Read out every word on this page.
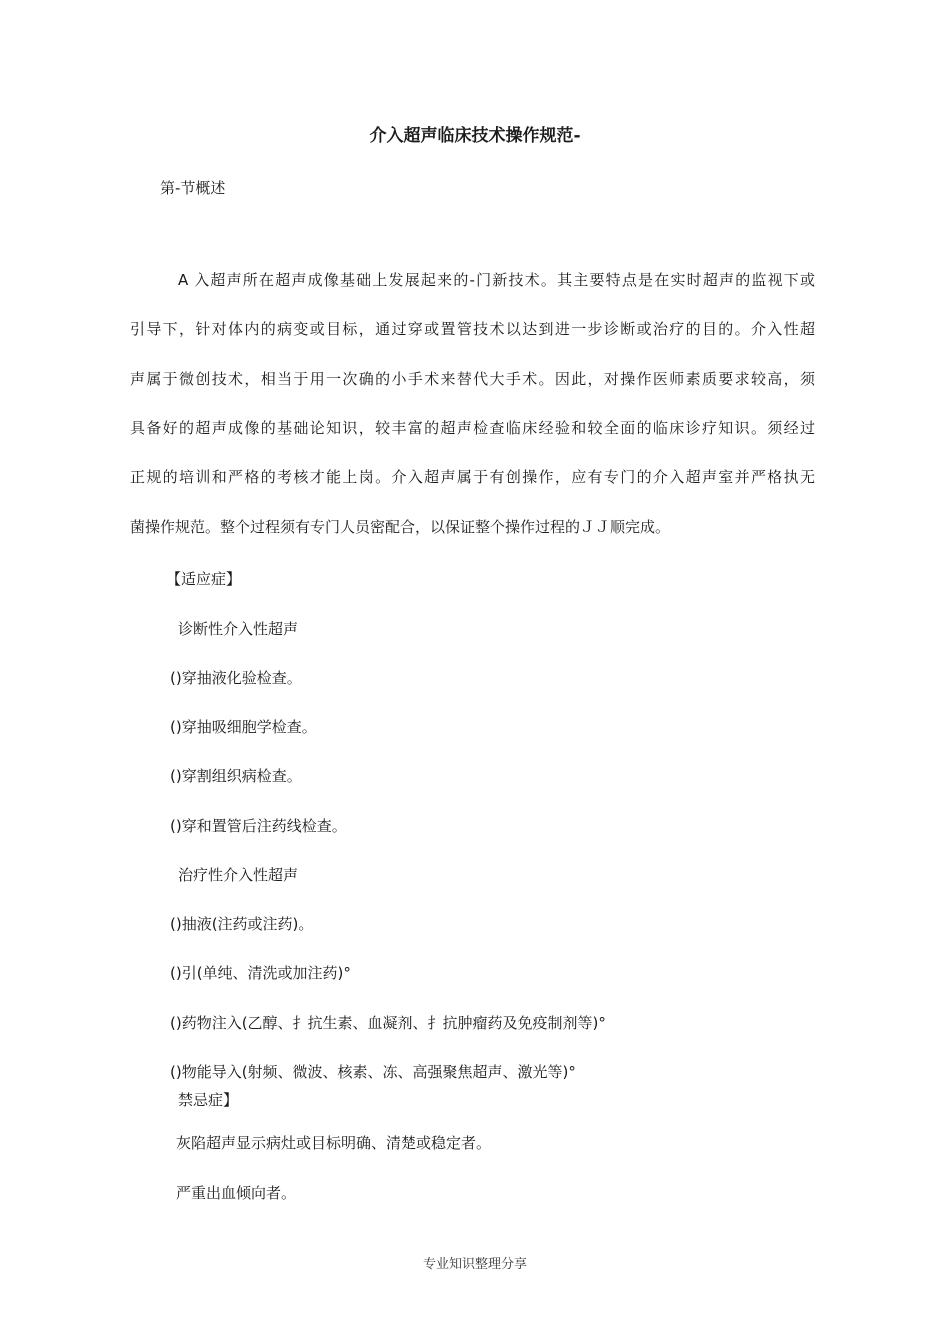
介入超声临床技术操作规范-

第-节概述

A 入超声所在超声成像基础上发展起来的-门新技术。其主要特点是在实时超声的监视下或
引导下，针对体内的病变或目标，通过穿或置管技术以达到进一步诊断或治疗的目的。介入性超
声属于微创技术，相当于用一次确的小手术来替代大手术。因此，对操作医师素质要求较高，须
具备好的超声成像的基础论知识，较丰富的超声检查临床经验和较全面的临床诊疗知识。须经过
正规的培训和严格的考核才能上岗。介入超声属于有创操作，应有专门的介入超声室并严格执无
菌操作规范。整个过程须有专门人员密配合，以保证整个操作过程的ＪＪ顺完成。

【适应症】

诊断性介入性超声

()穿抽液化验检查。

()穿抽吸细胞学检查。

()穿割组织病检查。

()穿和置管后注药线检查。

治疗性介入性超声

()抽液(注药或注药)。

()引(单纯、清洗或加注药)°

()药物注入(乙醇、扌抗生素、血凝剂、扌抗肿瘤药及免疫制剂等)°

()物能导入(射频、微波、核素、冻、高强聚焦超声、激光等)°

禁忌症】

灰陷超声显示病灶或目标明确、清楚或稳定者。

严重出血倾向者。

专业知识整理分享
